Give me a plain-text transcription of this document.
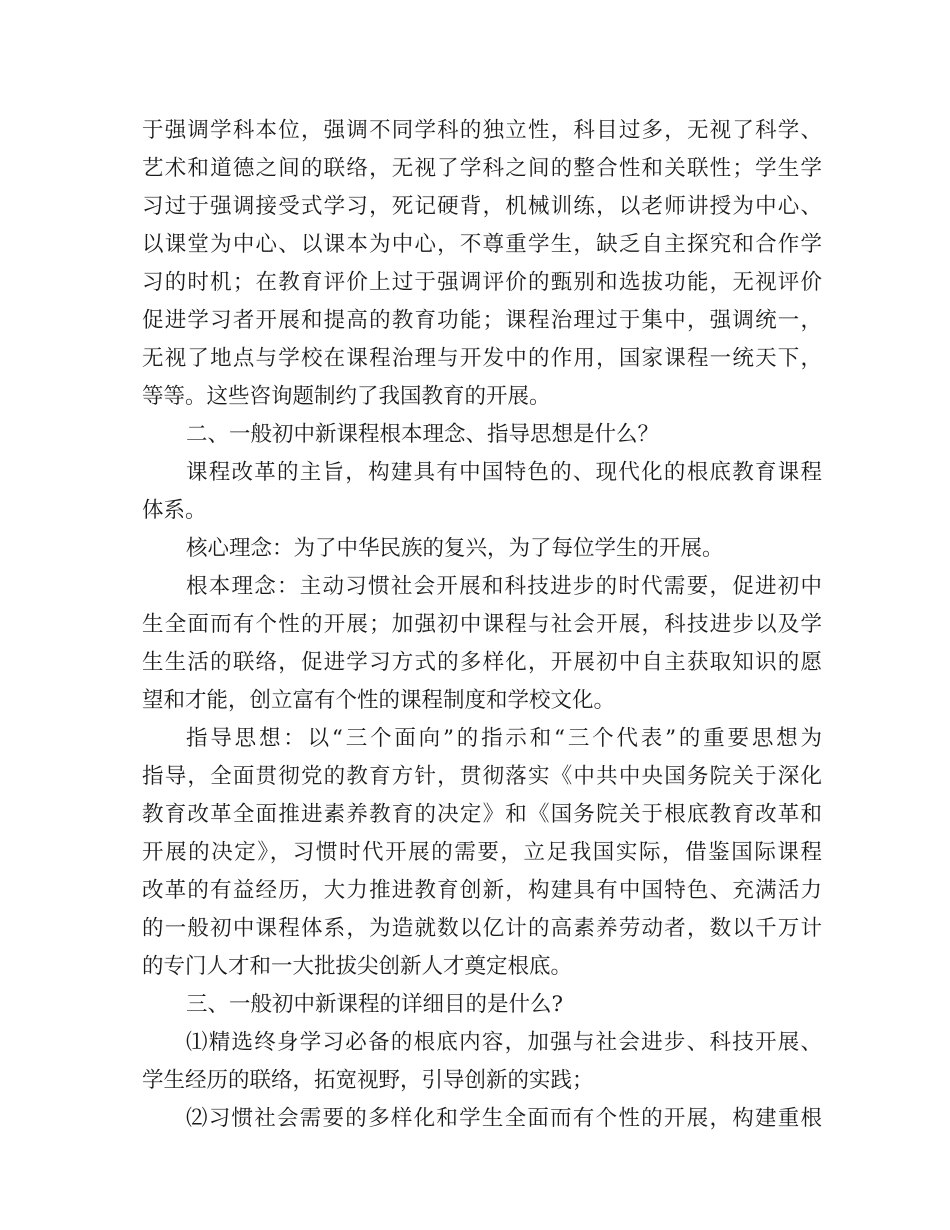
于强调学科本位，强调不同学科的独立性，科目过多，无视了科学、
艺术和道德之间的联络，无视了学科之间的整合性和关联性；学生学
习过于强调接受式学习，死记硬背，机械训练，以老师讲授为中心、
以课堂为中心、以课本为中心，不尊重学生，缺乏自主探究和合作学
习的时机；在教育评价上过于强调评价的甄别和选拔功能，无视评价
促进学习者开展和提高的教育功能；课程治理过于集中，强调统一，
无视了地点与学校在课程治理与开发中的作用，国家课程一统天下，
等等。这些咨询题制约了我国教育的开展。
二、一般初中新课程根本理念、指导思想是什么？
课程改革的主旨，构建具有中国特色的、现代化的根底教育课程
体系。
核心理念：为了中华民族的复兴，为了每位学生的开展。
根本理念：主动习惯社会开展和科技进步的时代需要，促进初中
生全面而有个性的开展；加强初中课程与社会开展，科技进步以及学
生生活的联络，促进学习方式的多样化，开展初中自主获取知识的愿
望和才能，创立富有个性的课程制度和学校文化。
指导思想：以“三个面向”的指示和“三个代表”的重要思想为
指导，全面贯彻党的教育方针，贯彻落实《中共中央国务院关于深化
教育改革全面推进素养教育的决定》和《国务院关于根底教育改革和
开展的决定》，习惯时代开展的需要，立足我国实际，借鉴国际课程
改革的有益经历，大力推进教育创新，构建具有中国特色、充满活力
的一般初中课程体系，为造就数以亿计的高素养劳动者，数以千万计
的专门人才和一大批拔尖创新人才奠定根底。
三、一般初中新课程的详细目的是什么?
⑴精选终身学习必备的根底内容，加强与社会进步、科技开展、
学生经历的联络，拓宽视野，引导创新的实践；
⑵习惯社会需要的多样化和学生全面而有个性的开展，构建重根
